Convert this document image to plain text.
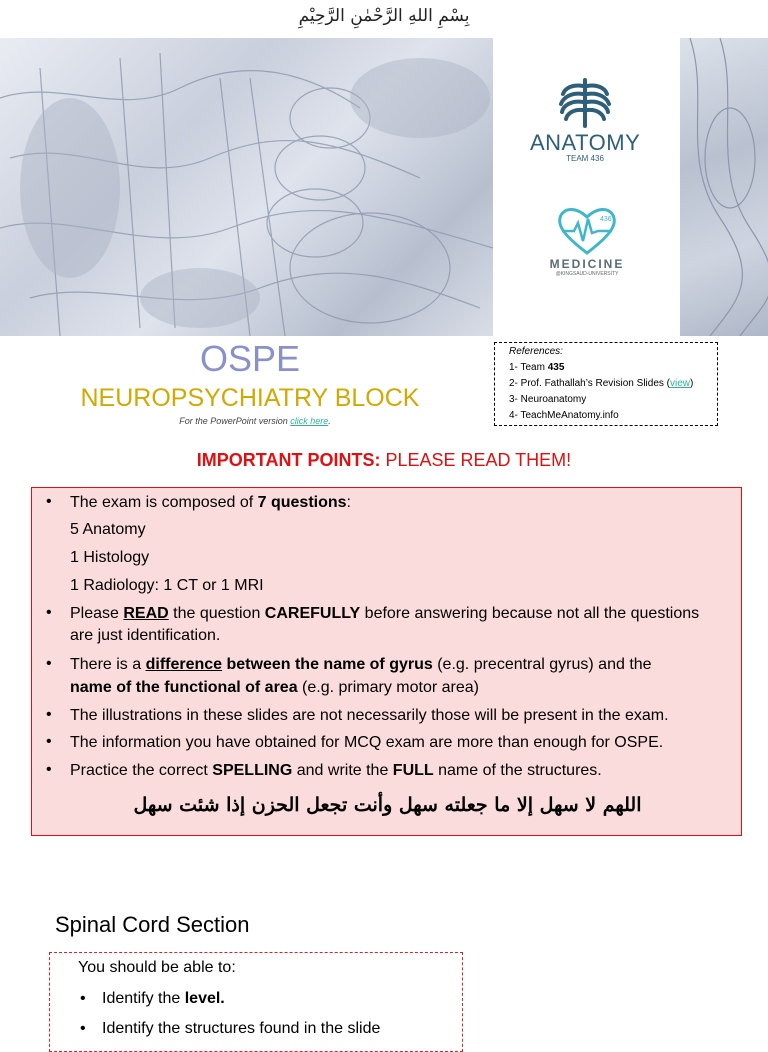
بِسْمِ اللهِ الرَّحْمٰنِ الرَّحِيْمِ
ANATOMY
TEAM 436
436
MEDICINE
@KINGSAUD-UNIVERSITY
OSPE
NEUROPSYCHIATRY BLOCK
For the PowerPoint version click here.
References:
1- Team 435
2- Prof. Fathallah’s Revision Slides (view)
3- Neuroanatomy
4- TeachMeAnatomy.info
IMPORTANT POINTS: PLEASE READ THEM!
• The exam is composed of 7 questions:
5 Anatomy
1 Histology
1 Radiology: 1 CT or 1 MRI
• Please READ the question CAREFULLY before answering because not all the questions
are just identification.
• There is a difference between the name of gyrus (e.g. precentral gyrus) and the
name of the functional of area (e.g. primary motor area)
• The illustrations in these slides are not necessarily those will be present in the exam.
• The information you have obtained for MCQ exam are more than enough for OSPE.
• Practice the correct SPELLING and write the FULL name of the structures.
اللهم لا سهل إلا ما جعلته سهل وأنت تجعل الحزن إذا شئت سهل
Spinal Cord Section
You should be able to:
• Identify the level.
• Identify the structures found in the slide
